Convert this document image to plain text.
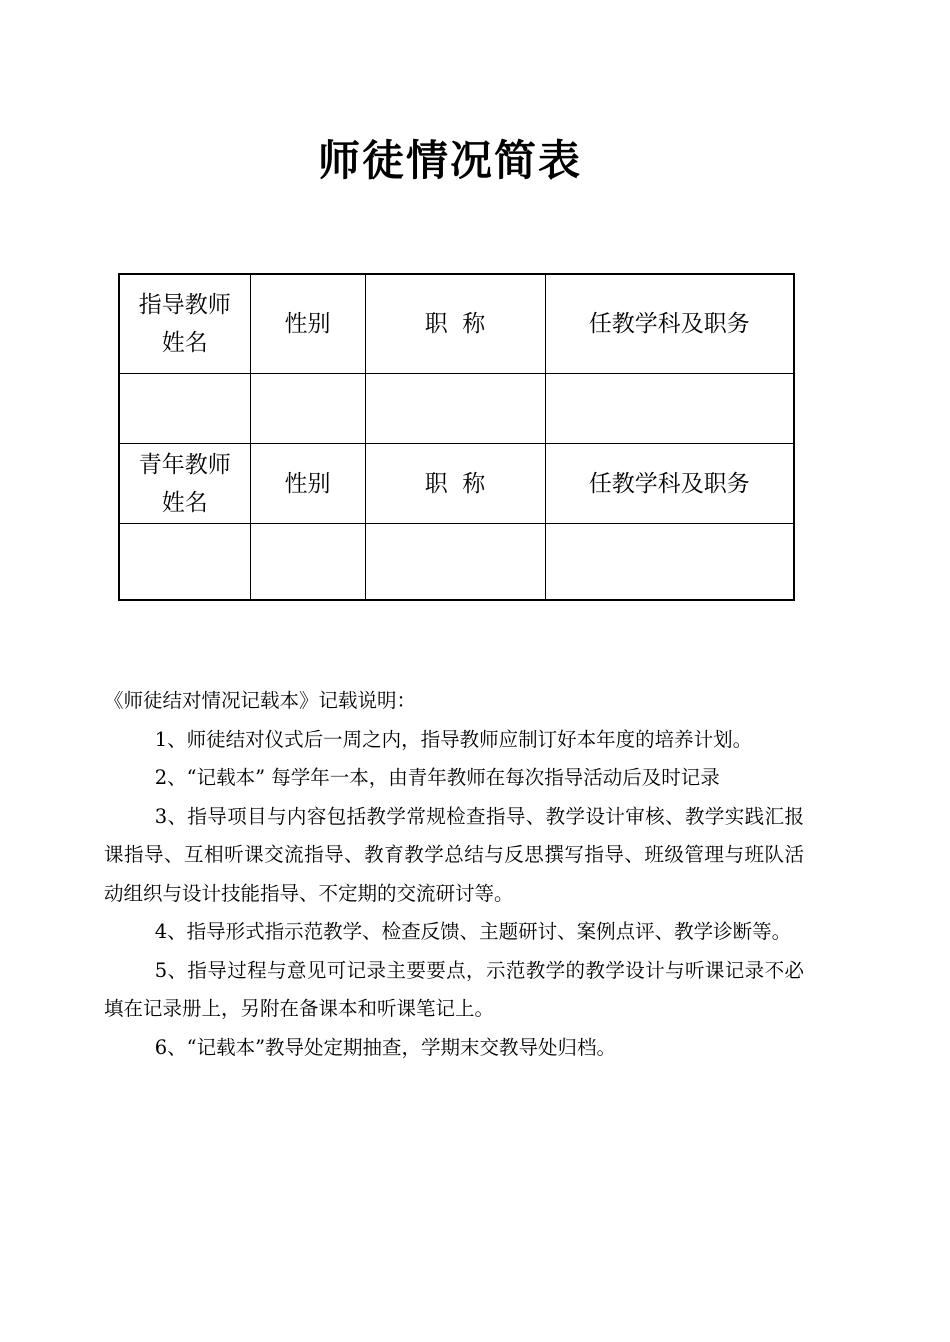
师徒情况简表
指导教师
姓名	性别	职  称	任教学科及职务

青年教师
姓名	性别	职  称	任教学科及职务

《师徒结对情况记载本》记载说明：

1、师徒结对仪式后一周之内，指导教师应制订好本年度的培养计划。

2、“记载本” 每学年一本，由青年教师在每次指导活动后及时记录

3、指导项目与内容包括教学常规检查指导、教学设计审核、教学实践汇报课指导、互相听课交流指导、教育教学总结与反思撰写指导、班级管理与班队活动组织与设计技能指导、不定期的交流研讨等。

4、指导形式指示范教学、检查反馈、主题研讨、案例点评、教学诊断等。

5、指导过程与意见可记录主要要点，示范教学的教学设计与听课记录不必填在记录册上，另附在备课本和听课笔记上。

6、“记载本”教导处定期抽查，学期末交教导处归档。
